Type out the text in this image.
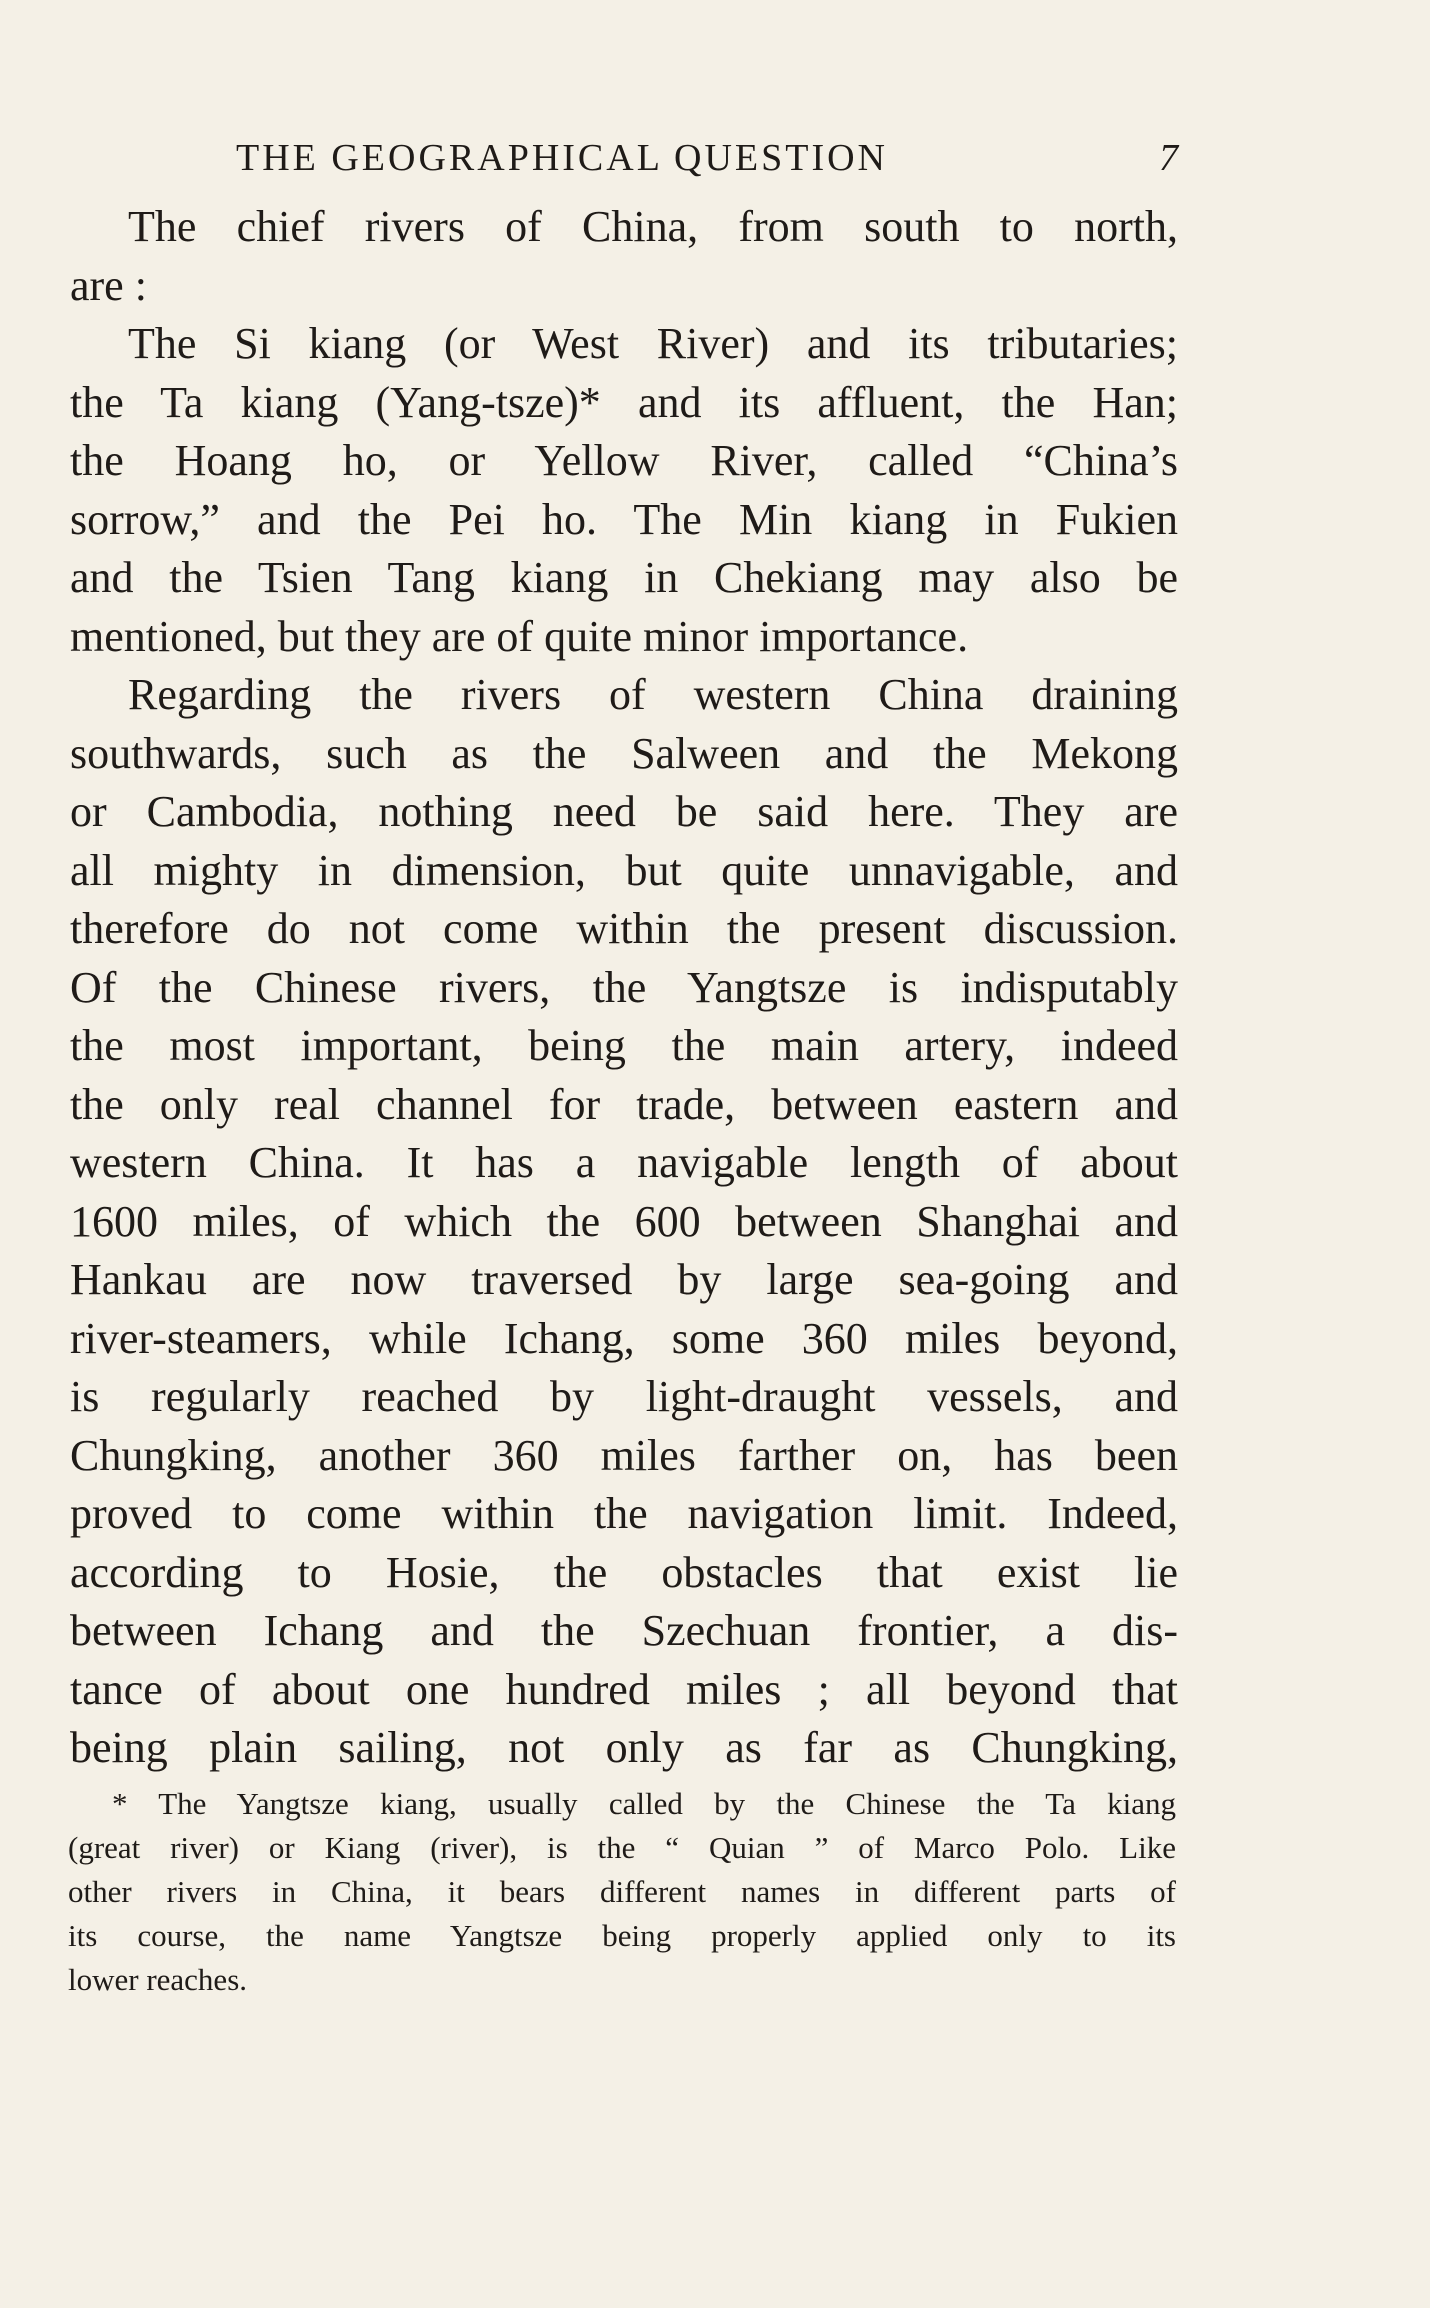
THE GEOGRAPHICAL QUESTION	7
The chief rivers of China, from south to north,
are :
The Si kiang (or West River) and its tributaries;
the Ta kiang (Yang-tsze)* and its affluent, the Han;
the Hoang ho, or Yellow River, called “China’s
sorrow,” and the Pei ho. The Min kiang in Fukien
and the Tsien Tang kiang in Chekiang may also be
mentioned, but they are of quite minor importance.
Regarding the rivers of western China draining
southwards, such as the Salween and the Mekong
or Cambodia, nothing need be said here. They are
all mighty in dimension, but quite unnavigable, and
therefore do not come within the present discussion.
Of the Chinese rivers, the Yangtsze is indisputably
the most important, being the main artery, indeed
the only real channel for trade, between eastern and
western China. It has a navigable length of about
1600 miles, of which the 600 between Shanghai and
Hankau are now traversed by large sea-going and
river-steamers, while Ichang, some 360 miles beyond,
is regularly reached by light-draught vessels, and
Chungking, another 360 miles farther on, has been
proved to come within the navigation limit. Indeed,
according to Hosie, the obstacles that exist lie
between Ichang and the Szechuan frontier, a dis-
tance of about one hundred miles ; all beyond that
being plain sailing, not only as far as Chungking,
* The Yangtsze kiang, usually called by the Chinese the Ta kiang
(great river) or Kiang (river), is the “ Quian ” of Marco Polo. Like
other rivers in China, it bears different names in different parts of
its course, the name Yangtsze being properly applied only to its
lower reaches.
